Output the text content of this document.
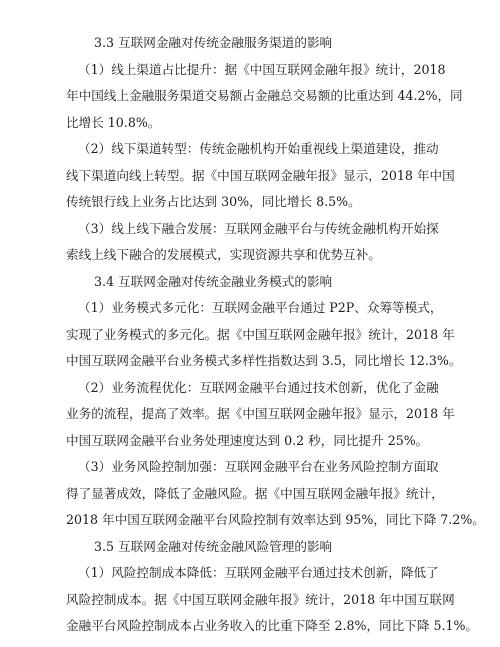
3.3 互联网金融对传统金融服务渠道的影响

（1）线上渠道占比提升：据《中国互联网金融年报》统计，2018
年中国线上金融服务渠道交易额占金融总交易额的比重达到 44.2%，同
比增长 10.8%。

（2）线下渠道转型：传统金融机构开始重视线上渠道建设，推动
线下渠道向线上转型。据《中国互联网金融年报》显示，2018 年中国
传统银行线上业务占比达到 30%，同比增长 8.5%。

（3）线上线下融合发展：互联网金融平台与传统金融机构开始探
索线上线下融合的发展模式，实现资源共享和优势互补。

3.4 互联网金融对传统金融业务模式的影响

（1）业务模式多元化：互联网金融平台通过 P2P、众筹等模式，
实现了业务模式的多元化。据《中国互联网金融年报》统计，2018 年
中国互联网金融平台业务模式多样性指数达到 3.5，同比增长 12.3%。

（2）业务流程优化：互联网金融平台通过技术创新，优化了金融
业务的流程，提高了效率。据《中国互联网金融年报》显示，2018 年
中国互联网金融平台业务处理速度达到 0.2 秒，同比提升 25%。

（3）业务风险控制加强：互联网金融平台在业务风险控制方面取
得了显著成效，降低了金融风险。据《中国互联网金融年报》统计，
2018 年中国互联网金融平台风险控制有效率达到 95%，同比下降 7.2%。

3.5 互联网金融对传统金融风险管理的影响

（1）风险控制成本降低：互联网金融平台通过技术创新，降低了
风险控制成本。据《中国互联网金融年报》统计，2018 年中国互联网
金融平台风险控制成本占业务收入的比重下降至 2.8%，同比下降 5.1%。
